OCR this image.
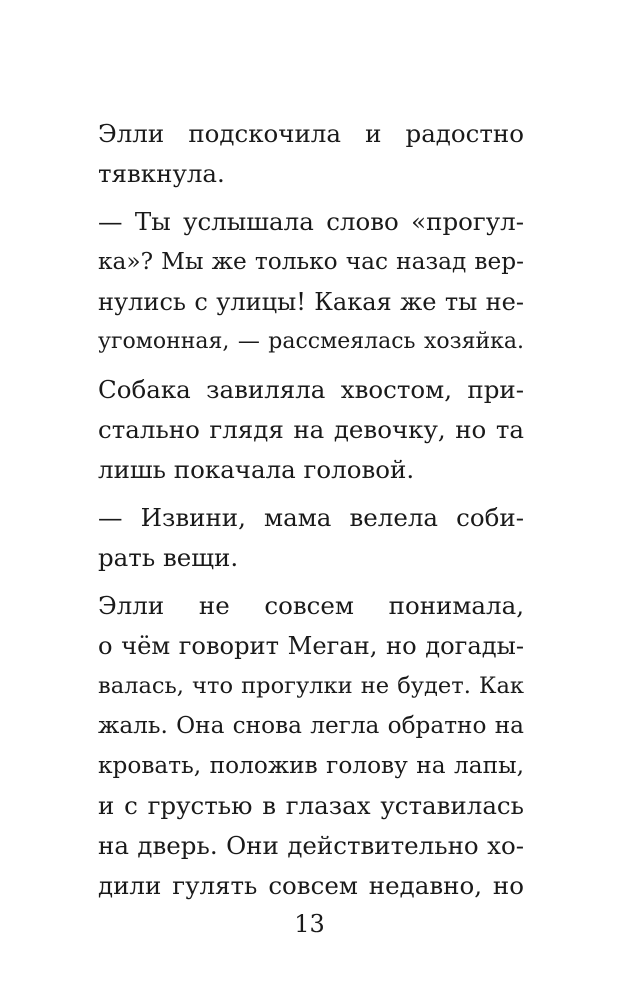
Элли подскочила и радостно
тявкнула.
— Ты услышала слово «прогул-
ка»? Мы же только час назад вер-
нулись с улицы! Какая же ты не-
угомонная, — рассмеялась хозяйка.
Собака завиляла хвостом, при-
стально глядя на девочку, но та
лишь покачала головой.
— Извини, мама велела соби-
рать вещи.
Элли не совсем понимала,
о чём говорит Меган, но догады-
валась, что прогулки не будет. Как
жаль. Она снова легла обратно на
кровать, положив голову на лапы,
и с грустью в глазах уставилась
на дверь. Они действительно хо-
дили гулять совсем недавно, но
13
